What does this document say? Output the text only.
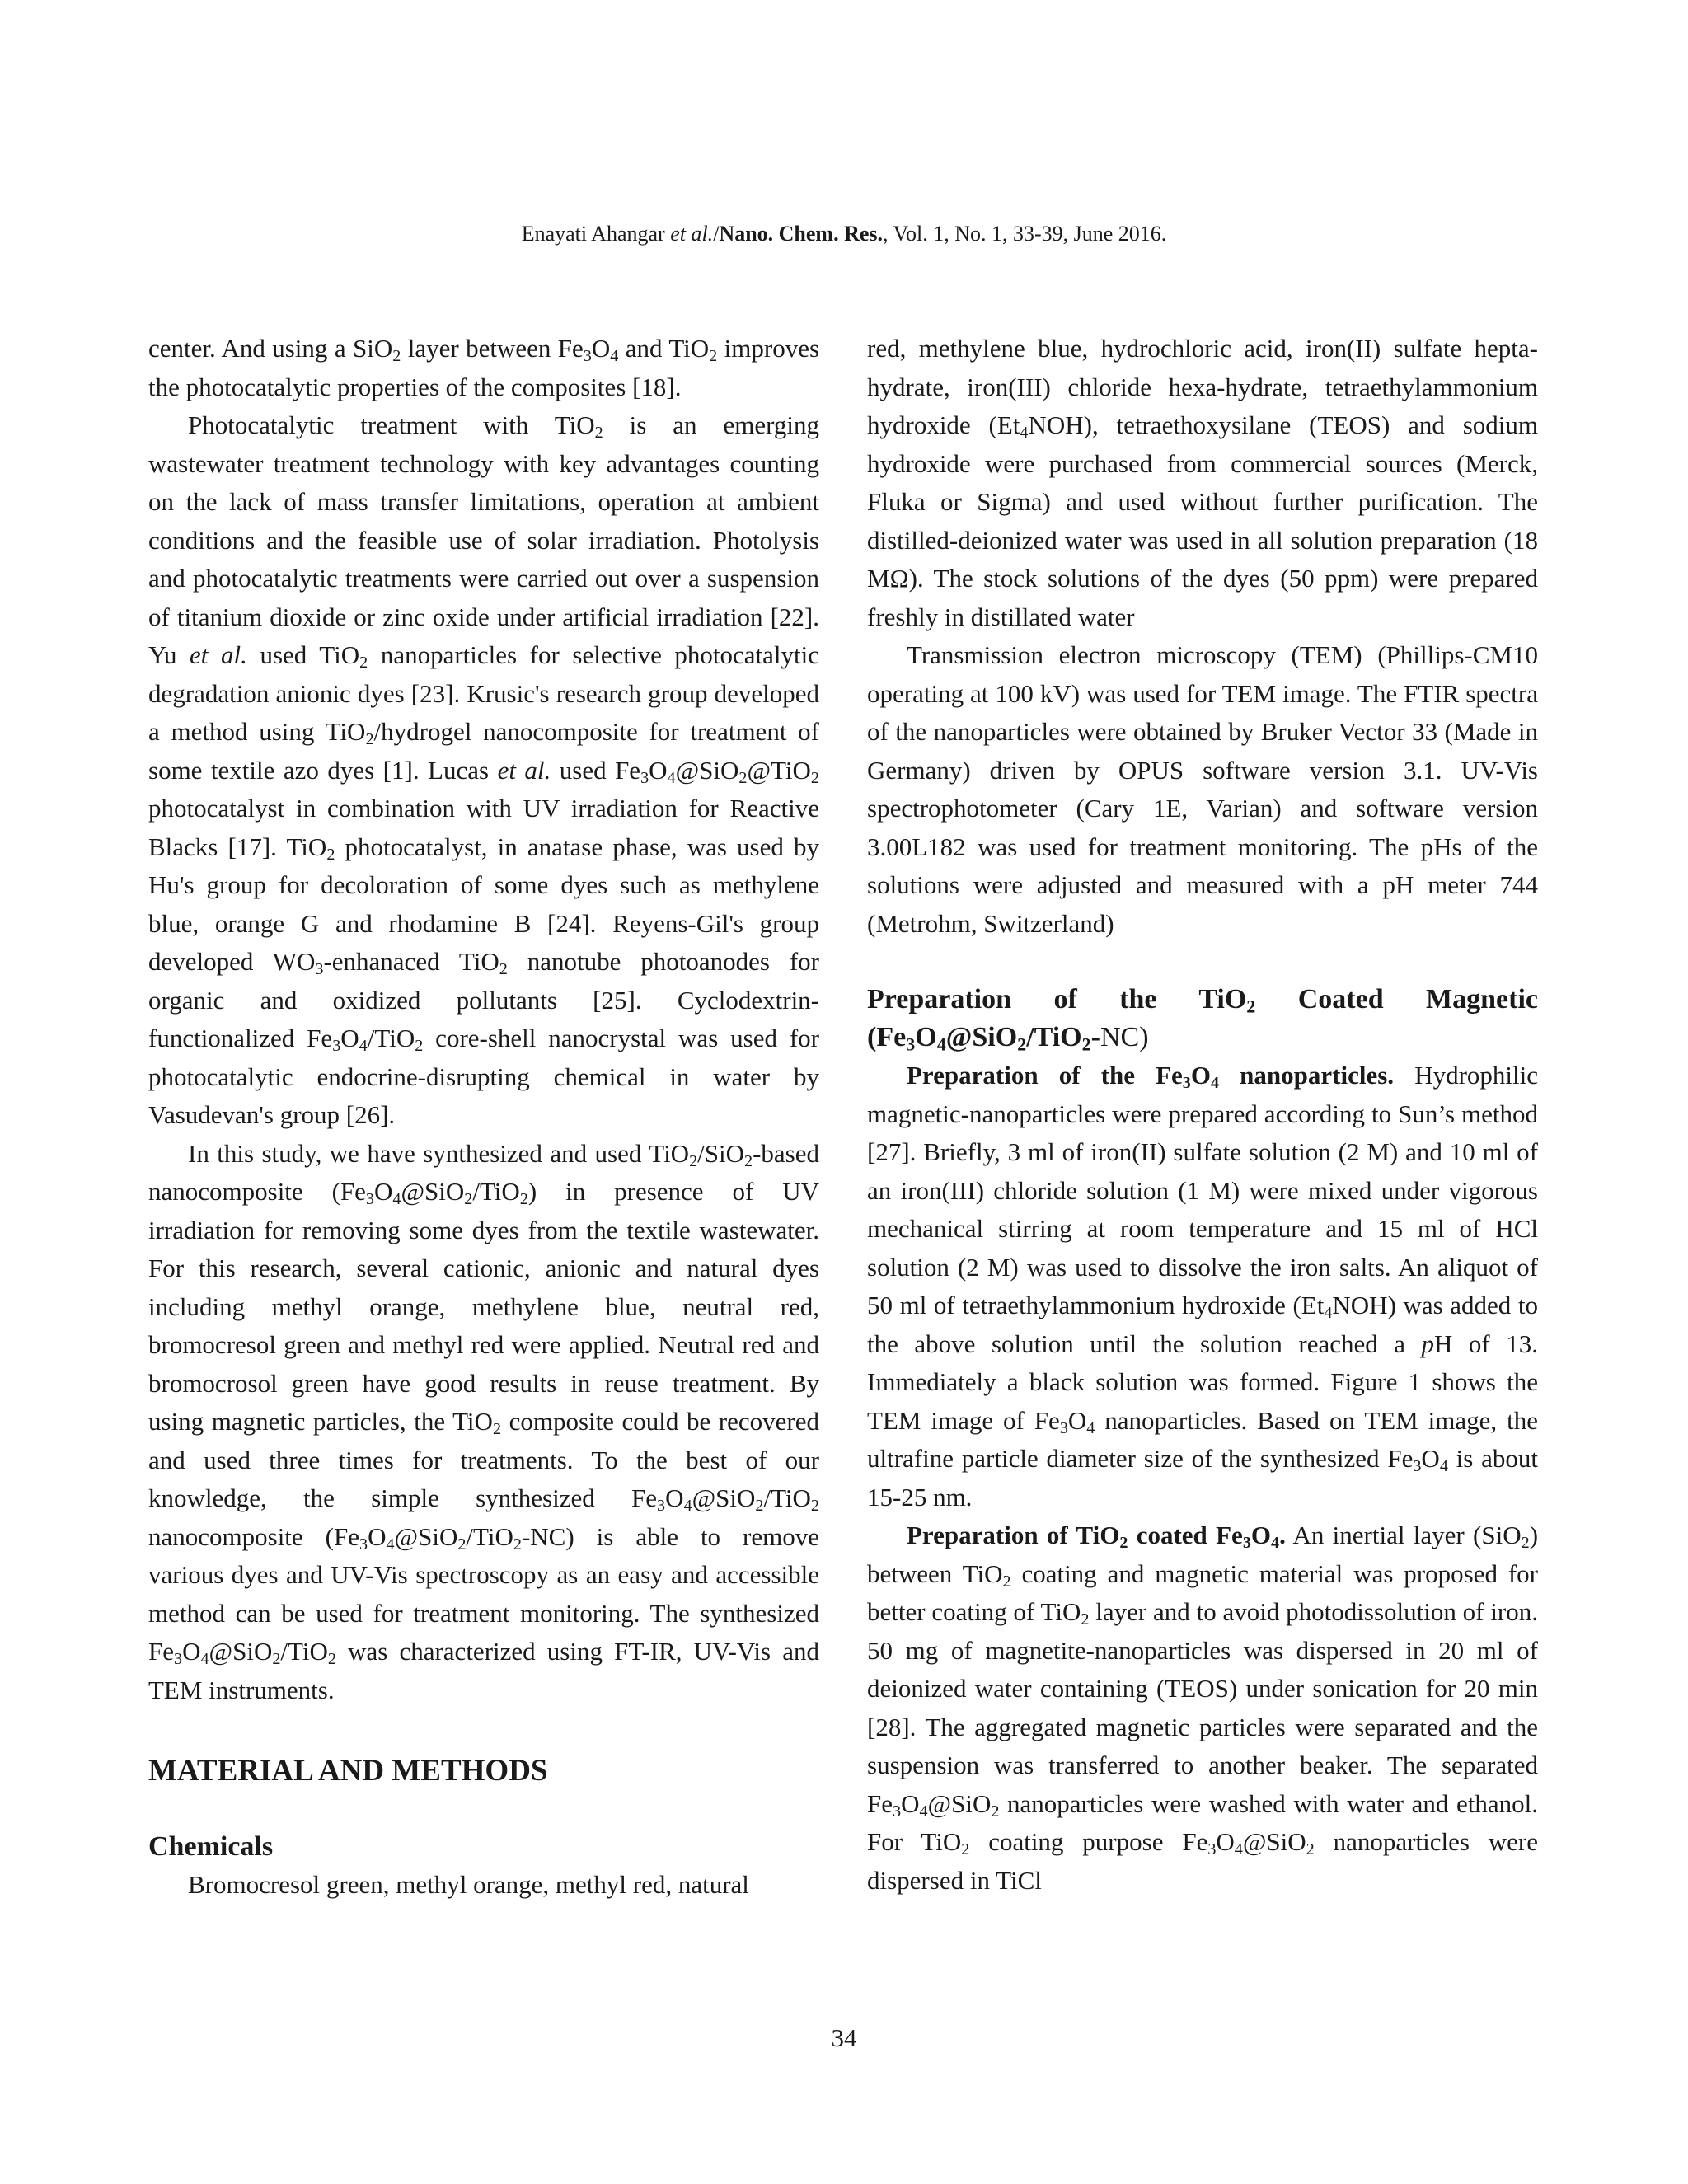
Enayati Ahangar et al./Nano. Chem. Res., Vol. 1, No. 1, 33-39, June 2016.

center. And using a SiO$_2$ layer between $Fe_3O_4$ and TiO$_2$ improves the photocatalytic properties of the composites [18].

Photocatalytic treatment with TiO$_2$ is an emerging wastewater treatment technology with key advantages counting on the lack of mass transfer limitations, operation at ambient conditions and the feasible use of solar irradiation. Photolysis and photocatalytic treatments were carried out over a suspension of titanium dioxide or zinc oxide under artificial irradiation [22]. Yu et al. used TiO$_2$ nanoparticles for selective photocatalytic degradation anionic dyes [23]. Krusic's research group developed a method using TiO$_2$/hydrogel nanocomposite for treatment of some textile azo dyes [1]. Lucas et al. used $Fe_3O_4@SiO_2@TiO_2$ photocatalyst in combination with UV irradiation for Reactive Blacks [17]. TiO$_2$ photocatalyst, in anatase phase, was used by Hu's group for decoloration of some dyes such as methylene blue, orange G and rhodamine B [24]. Reyens-Gil's group developed $WO_3$-enhanaced TiO$_2$ nanotube photoanodes for organic and oxidized pollutants [25]. Cyclodextrin- functionalized $Fe_3O_4/TiO_2$ core-shell nanocrystal was used for photocatalytic endocrine-disrupting chemical in water by Vasudevan's group [26].

In this study, we have synthesized and used TiO$_2$/SiO$_2$-based nanocomposite $(Fe_3O_4@SiO_2/TiO_2)$ in presence of UV irradiation for removing some dyes from the textile wastewater. For this research, several cationic, anionic and natural dyes including methyl orange, methylene blue, neutral red, bromocresol green and methyl red were applied. Neutral red and bromocrosol green have good results in reuse treatment. By using magnetic particles, the TiO$_2$ composite could be recovered and used three times for treatments. To the best of our knowledge, the simple synthesized $Fe_3O_4@SiO_2/TiO_2$ nanocomposite $(Fe_3O_4@SiO_2/TiO_2-NC)$ is able to remove various dyes and UV-Vis spectroscopy as an easy and accessible method can be used for treatment monitoring. The synthesized $Fe_3O_4@SiO_2/TiO_2$ was characterized using FT-IR, UV-Vis and TEM instruments.

MATERIAL AND METHODS
Chemicals

Bromocresol green, methyl orange, methyl red, natural

red, methylene blue, hydrochloric acid, iron(II) sulfate hepta-hydrate, iron(III) chloride hexa-hydrate, tetraethylammonium hydroxide $(Et_4NOH)$, tetraethoxysilane (TEOS) and sodium hydroxide were purchased from commercial sources (Merck, Fluka or Sigma) and used without further purification. The distilled-deionized water was used in all solution preparation (18 MΩ). The stock solutions of the dyes (50 ppm) were prepared freshly in distillated water

Transmission electron microscopy (TEM) (Phillips-CM10 operating at 100 kV) was used for TEM image. The FTIR spectra of the nanoparticles were obtained by Bruker Vector 33 (Made in Germany) driven by OPUS software version 3.1. UV-Vis spectrophotometer (Cary 1E, Varian) and software version 3.00L182 was used for treatment monitoring. The pHs of the solutions were adjusted and measured with a pH meter 744 (Metrohm, Switzerland)

Preparation of the TiO$_2$ Coated Magnetic $(Fe_3O_4@SiO_2/TiO_2-NC)$

Preparation of the $Fe_3O_4$ nanoparticles. Hydrophilic magnetic-nanoparticles were prepared according to Sun’s method [27]. Briefly, 3 ml of iron(II) sulfate solution (2 M) and 10 ml of an iron(III) chloride solution (1 M) were mixed under vigorous mechanical stirring at room temperature and 15 ml of HCl solution (2 M) was used to dissolve the iron salts. An aliquot of 50 ml of tetraethylammonium hydroxide $(Et_4NOH)$ was added to the above solution until the solution reached a pH of 13. Immediately a black solution was formed. Figure 1 shows the TEM image of $Fe_3O_4$ nanoparticles. Based on TEM image, the ultrafine particle diameter size of the synthesized $Fe_3O_4$ is about 15-25 nm.

Preparation of TiO$_2$ coated $Fe_3O_4$. An inertial layer (SiO$_2$) between TiO$_2$ coating and magnetic material was proposed for better coating of TiO$_2$ layer and to avoid photodissolution of iron. 50 mg of magnetite-nanoparticles was dispersed in 20 ml of deionized water containing (TEOS) under sonication for 20 min [28]. The aggregated magnetic particles were separated and the suspension was transferred to another beaker. The separated $Fe_3O_4@SiO_2$ nanoparticles were washed with water and ethanol. For TiO$_2$ coating purpose $Fe_3O_4@SiO_2$ nanoparticles were dispersed in TiCl

34
